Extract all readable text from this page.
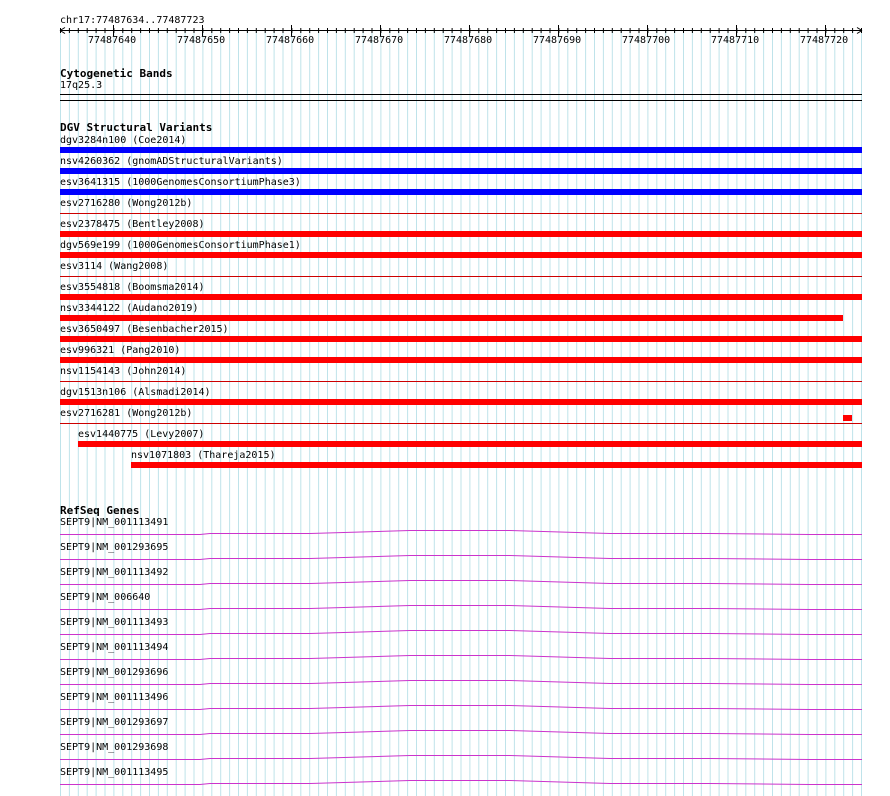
chr17:77487634..77487723
77487640	77487650	77487660	77487670	77487680	77487690	77487700	77487710	77487720
Cytogenetic Bands
17q25.3
DGV Structural Variants
dgv3284n100 (Coe2014)
nsv4260362 (gnomADStructuralVariants)
esv3641315 (1000GenomesConsortiumPhase3)
esv2716280 (Wong2012b)
esv2378475 (Bentley2008)
dgv569e199 (1000GenomesConsortiumPhase1)
esv3114 (Wang2008)
esv3554818 (Boomsma2014)
nsv3344122 (Audano2019)
esv3650497 (Besenbacher2015)
esv996321 (Pang2010)
nsv1154143 (John2014)
dgv1513n106 (Alsmadi2014)
esv2716281 (Wong2012b)
esv1440775 (Levy2007)
nsv1071803 (Thareja2015)
RefSeq Genes
SEPT9|NM_001113491
SEPT9|NM_001293695
SEPT9|NM_001113492
SEPT9|NM_006640
SEPT9|NM_001113493
SEPT9|NM_001113494
SEPT9|NM_001293696
SEPT9|NM_001113496
SEPT9|NM_001293697
SEPT9|NM_001293698
SEPT9|NM_001113495
